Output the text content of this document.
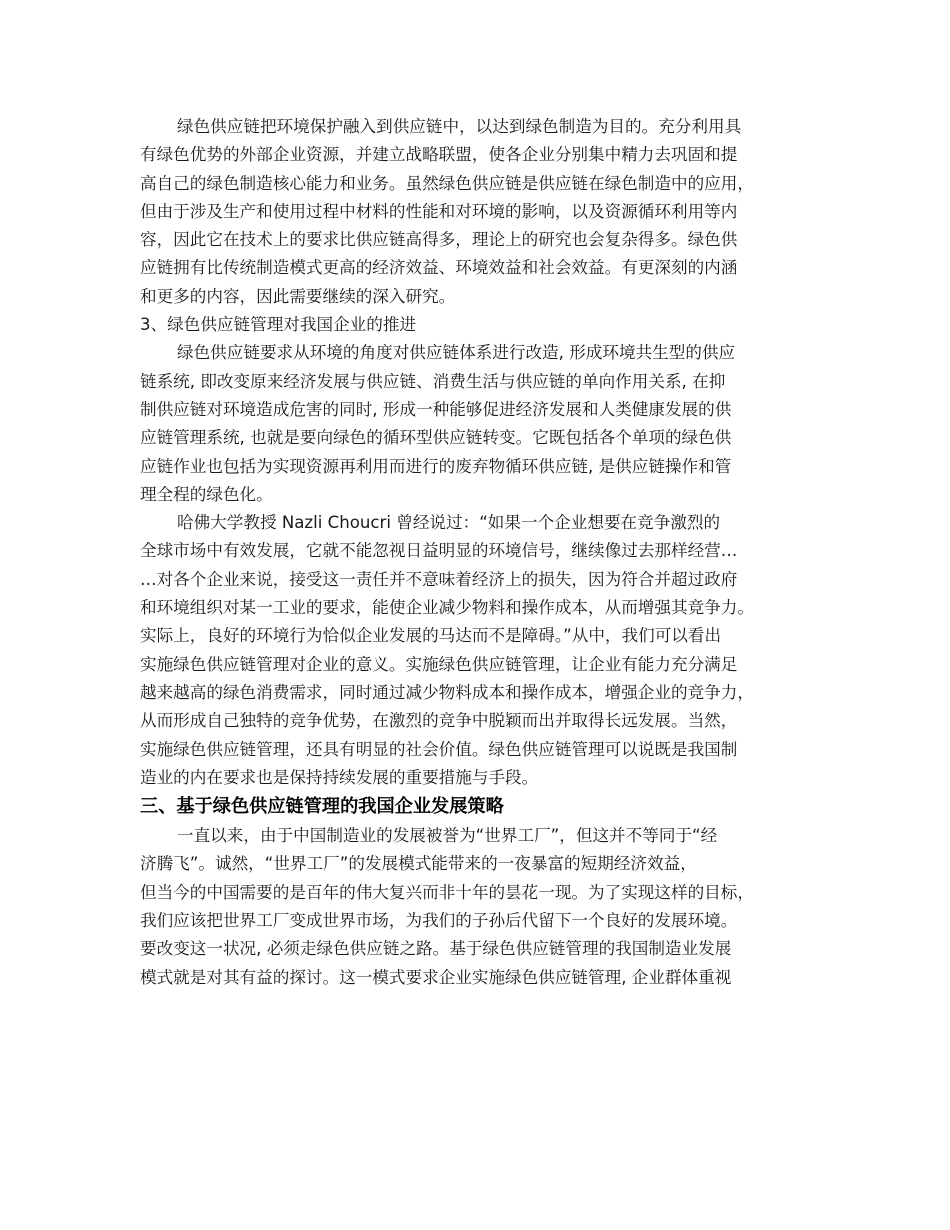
绿色供应链把环境保护融入到供应链中，以达到绿色制造为目的。充分利用具
有绿色优势的外部企业资源，并建立战略联盟，使各企业分别集中精力去巩固和提
高自己的绿色制造核心能力和业务。虽然绿色供应链是供应链在绿色制造中的应用，
但由于涉及生产和使用过程中材料的性能和对环境的影响，以及资源循环利用等内
容，因此它在技术上的要求比供应链高得多，理论上的研究也会复杂得多。绿色供
应链拥有比传统制造模式更高的经济效益、环境效益和社会效益。有更深刻的内涵
和更多的内容，因此需要继续的深入研究。
3、绿色供应链管理对我国企业的推进
绿色供应链要求从环境的角度对供应链体系进行改造, 形成环境共生型的供应
链系统, 即改变原来经济发展与供应链、消费生活与供应链的单向作用关系, 在抑
制供应链对环境造成危害的同时, 形成一种能够促进经济发展和人类健康发展的供
应链管理系统, 也就是要向绿色的循环型供应链转变。它既包括各个单项的绿色供
应链作业也包括为实现资源再利用而进行的废弃物循环供应链, 是供应链操作和管
理全程的绿色化。
哈佛大学教授 Nazli Choucri 曾经说过：“如果一个企业想要在竞争激烈的
全球市场中有效发展，它就不能忽视日益明显的环境信号，继续像过去那样经营…
…对各个企业来说，接受这一责任并不意味着经济上的损失，因为符合并超过政府
和环境组织对某一工业的要求，能使企业减少物料和操作成本，从而增强其竞争力。
实际上，良好的环境行为恰似企业发展的马达而不是障碍。”从中，我们可以看出
实施绿色供应链管理对企业的意义。实施绿色供应链管理，让企业有能力充分满足
越来越高的绿色消费需求，同时通过减少物料成本和操作成本，增强企业的竞争力，
从而形成自己独特的竞争优势，在激烈的竞争中脱颖而出并取得长远发展。当然，
实施绿色供应链管理，还具有明显的社会价值。绿色供应链管理可以说既是我国制
造业的内在要求也是保持持续发展的重要措施与手段。
三、基于绿色供应链管理的我国企业发展策略
一直以来，由于中国制造业的发展被誉为“世界工厂”，但这并不等同于“经
济腾飞”。诚然，“世界工厂”的发展模式能带来的一夜暴富的短期经济效益，
但当今的中国需要的是百年的伟大复兴而非十年的昙花一现。为了实现这样的目标，
我们应该把世界工厂变成世界市场，为我们的子孙后代留下一个良好的发展环境。
要改变这一状况, 必须走绿色供应链之路。基于绿色供应链管理的我国制造业发展
模式就是对其有益的探讨。这一模式要求企业实施绿色供应链管理, 企业群体重视
